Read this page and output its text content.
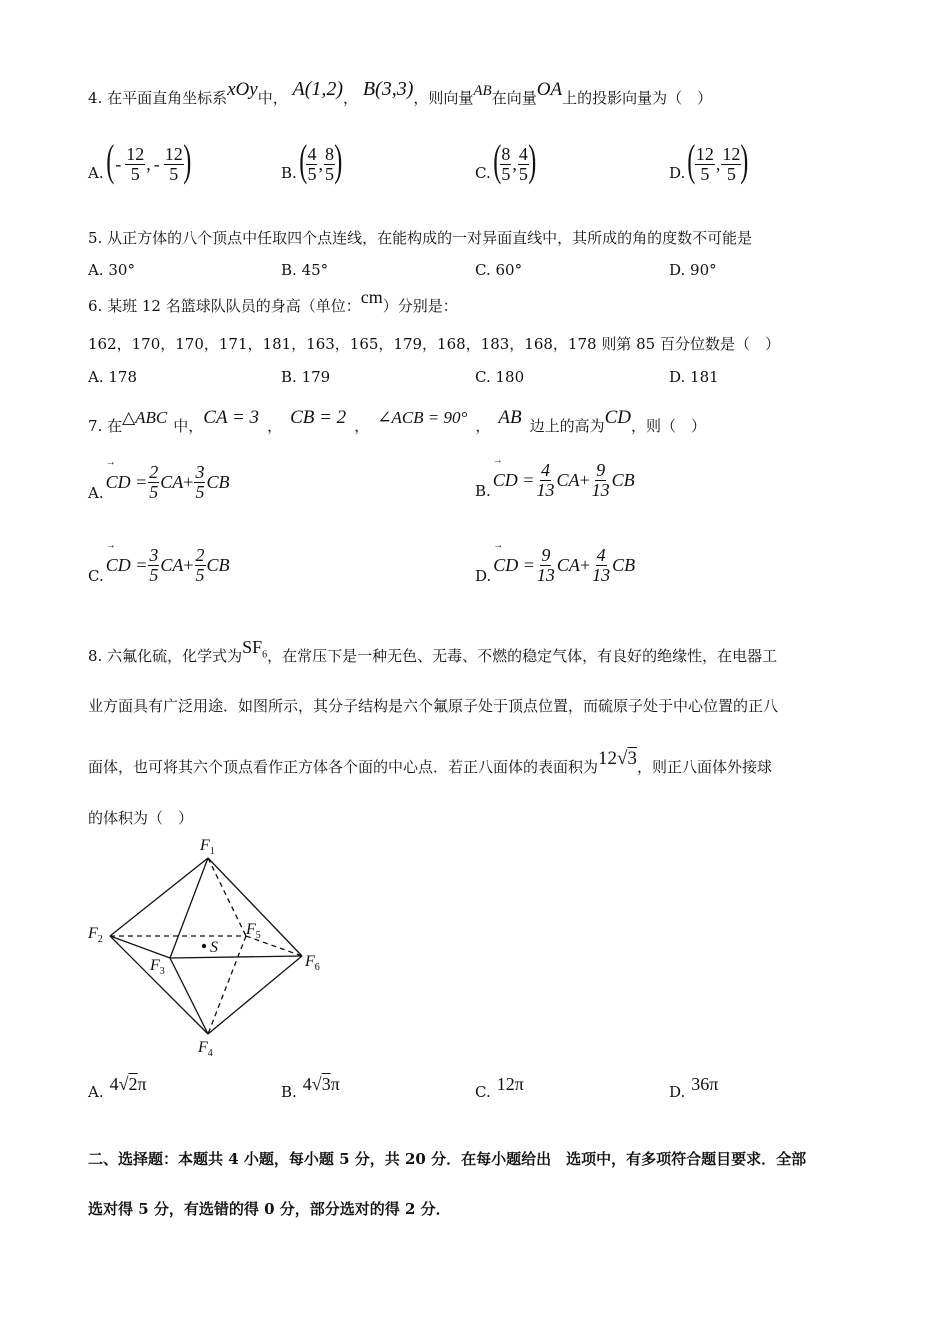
4. 在平面直角坐标系xOy中， A(1,2)， B(3,3)，则向量AB在向量OA上的投影向量为（　）
A. ( - $\frac{12}{5}$ , - $\frac{12}{5}$ )	B. ( $\frac{4}{5}$ , $\frac{8}{5}$ )	C. ( $\frac{8}{5}$ , $\frac{4}{5}$ )	D. ( $\frac{12}{5}$ , $\frac{12}{5}$ )
5. 从正方体的八个顶点中任取四个点连线，在能构成的一对异面直线中，其所成的角的度数不可能是
A. 30°	B. 45°	C. 60°	D. 90°
6. 某班 12 名篮球队队员的身高（单位：cm）分别是：
162，170，170，171，181，163，165，179，168，183，168，178 则第 85 百分位数是（　）
A. 178	B. 179	C. 180	D. 181
7. 在△ABC 中，CA = 3 ， CB = 2 ， ∠ACB = 90° ， AB 边上的高为CD，则（　）
A.
→
CD = $\frac{2}{5}$ CA + $\frac{3}{5}$ CB	B.
→
CD = $\frac{4}{13}$ CA + $\frac{9}{13}$ CB
C.
→
CD = $\frac{3}{5}$ CA + $\frac{2}{5}$ CB
D.
→
CD = $\frac{9}{13}$ CA + $\frac{4}{13}$ CB
8. 六氟化硫，化学式为$SF_6$，在常压下是一种无色、无毒、不燃的稳定气体，有良好的绝缘性，在电器工
业方面具有广泛用途．如图所示，其分子结构是六个氟原子处于顶点位置，而硫原子处于中心位置的正八
面体，也可将其六个顶点看作正方体各个面的中心点．若正八面体的表面积为12√3，则正八面体外接球
的体积为（　）
$F_1$
$F_2$
$F_3$
$F_4$
$F_5$
$F_6$
S
A. 4√2π	B. 4√3π	C. 12π	D. 36π
二、选择题：本题共 4 小题，每小题 5 分，共 20 分．在每小题给出　选项中，有多项符合题目要求．全部
选对得 5 分，有选错的得 0 分，部分选对的得 2 分．
